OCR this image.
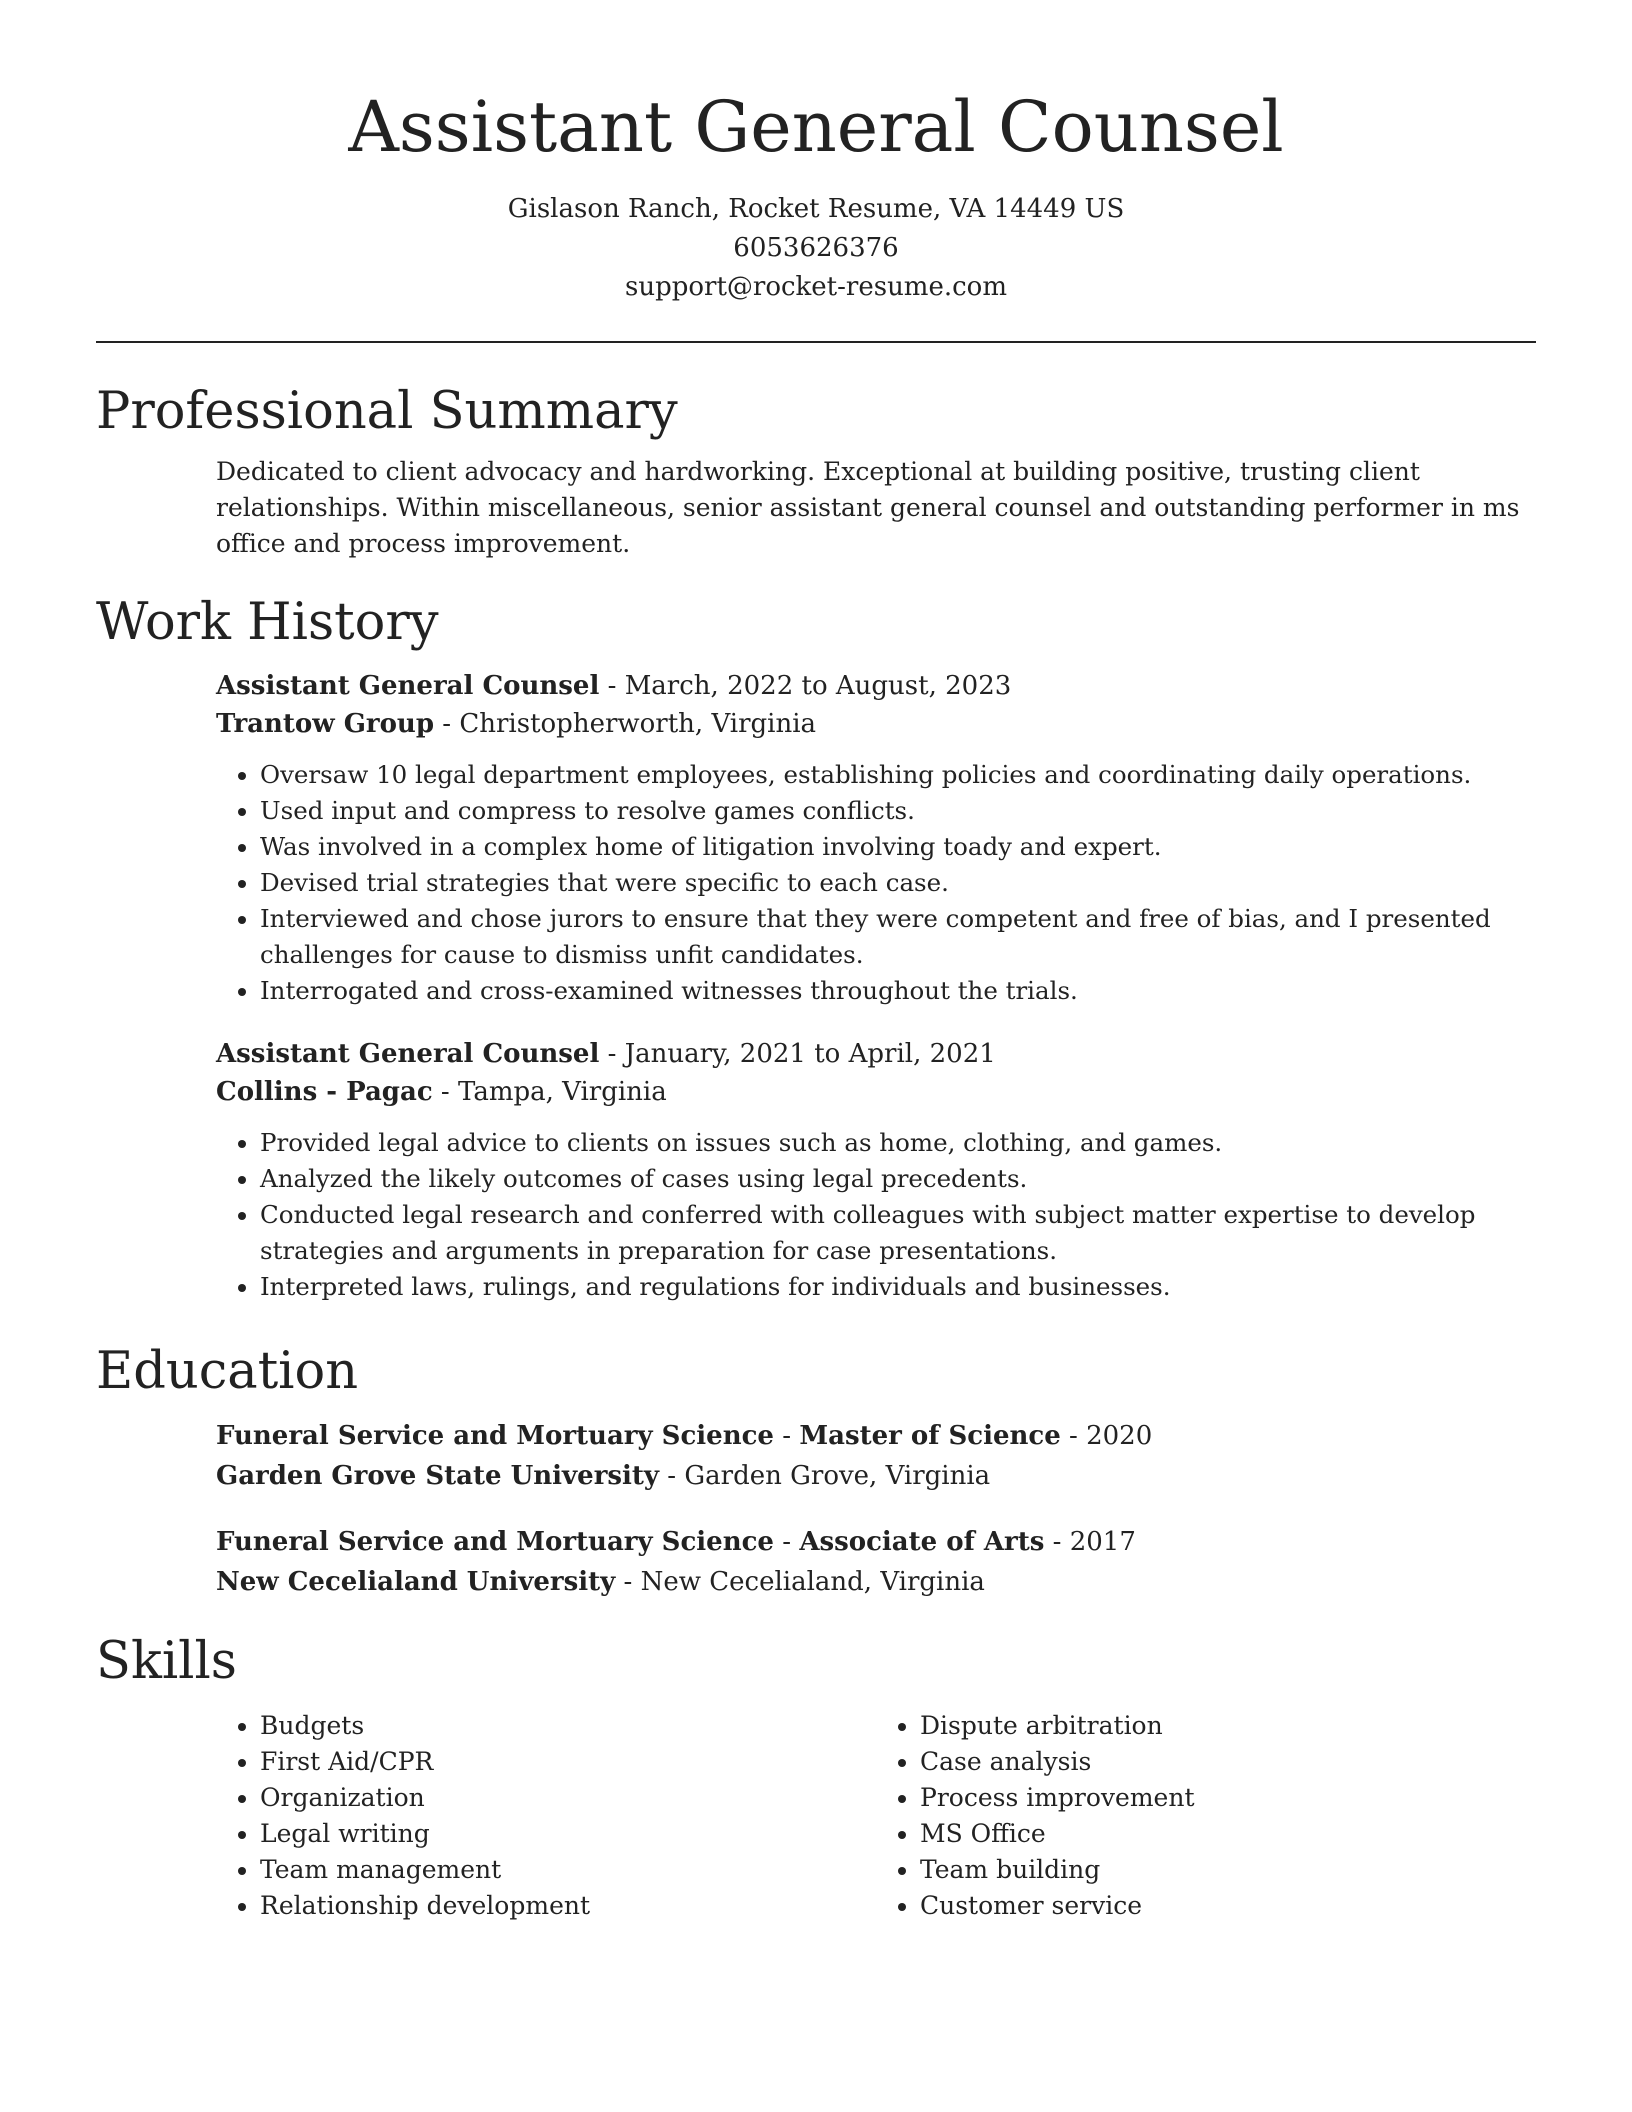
Assistant General Counsel
Gislason Ranch, Rocket Resume, VA 14449 US
6053626376
support@rocket-resume.com
Professional Summary
Dedicated to client advocacy and hardworking. Exceptional at building positive, trusting client relationships. Within miscellaneous, senior assistant general counsel and outstanding performer in ms office and process improvement.
Work History
Assistant General Counsel - March, 2022 to August, 2023
Trantow Group - Christopherworth, Virginia
• Oversaw 10 legal department employees, establishing policies and coordinating daily operations.
• Used input and compress to resolve games conflicts.
• Was involved in a complex home of litigation involving toady and expert.
• Devised trial strategies that were specific to each case.
• Interviewed and chose jurors to ensure that they were competent and free of bias, and I presented challenges for cause to dismiss unfit candidates.
• Interrogated and cross-examined witnesses throughout the trials.
Assistant General Counsel - January, 2021 to April, 2021
Collins - Pagac - Tampa, Virginia
• Provided legal advice to clients on issues such as home, clothing, and games.
• Analyzed the likely outcomes of cases using legal precedents.
• Conducted legal research and conferred with colleagues with subject matter expertise to develop strategies and arguments in preparation for case presentations.
• Interpreted laws, rulings, and regulations for individuals and businesses.
Education
Funeral Service and Mortuary Science - Master of Science - 2020
Garden Grove State University - Garden Grove, Virginia
Funeral Service and Mortuary Science - Associate of Arts - 2017
New Cecelialand University - New Cecelialand, Virginia
Skills
• Budgets
• First Aid/CPR
• Organization
• Legal writing
• Team management
• Relationship development
• Dispute arbitration
• Case analysis
• Process improvement
• MS Office
• Team building
• Customer service
